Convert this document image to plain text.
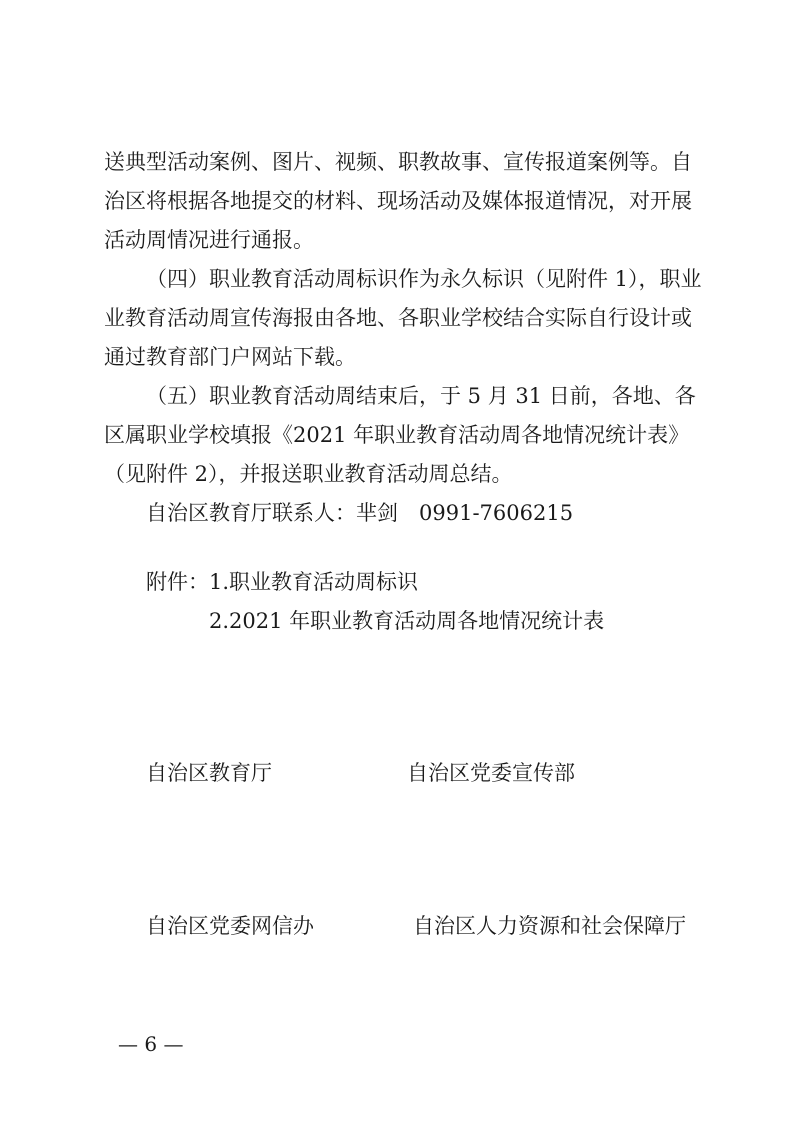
送典型活动案例、图片、视频、职教故事、宣传报道案例等。自
治区将根据各地提交的材料、现场活动及媒体报道情况，对开展
活动周情况进行通报。
（四）职业教育活动周标识作为永久标识（见附件 1），职业
业教育活动周宣传海报由各地、各职业学校结合实际自行设计或
通过教育部门户网站下载。
（五）职业教育活动周结束后，于 5 月 31 日前，各地、各
区属职业学校填报《2021 年职业教育活动周各地情况统计表》
（见附件 2），并报送职业教育活动周总结。
自治区教育厅联系人：芈剑　0991-7606215
附件：1.职业教育活动周标识
2.2021 年职业教育活动周各地情况统计表
自治区教育厅	自治区党委宣传部
自治区党委网信办	自治区人力资源和社会保障厅
— 6 —
